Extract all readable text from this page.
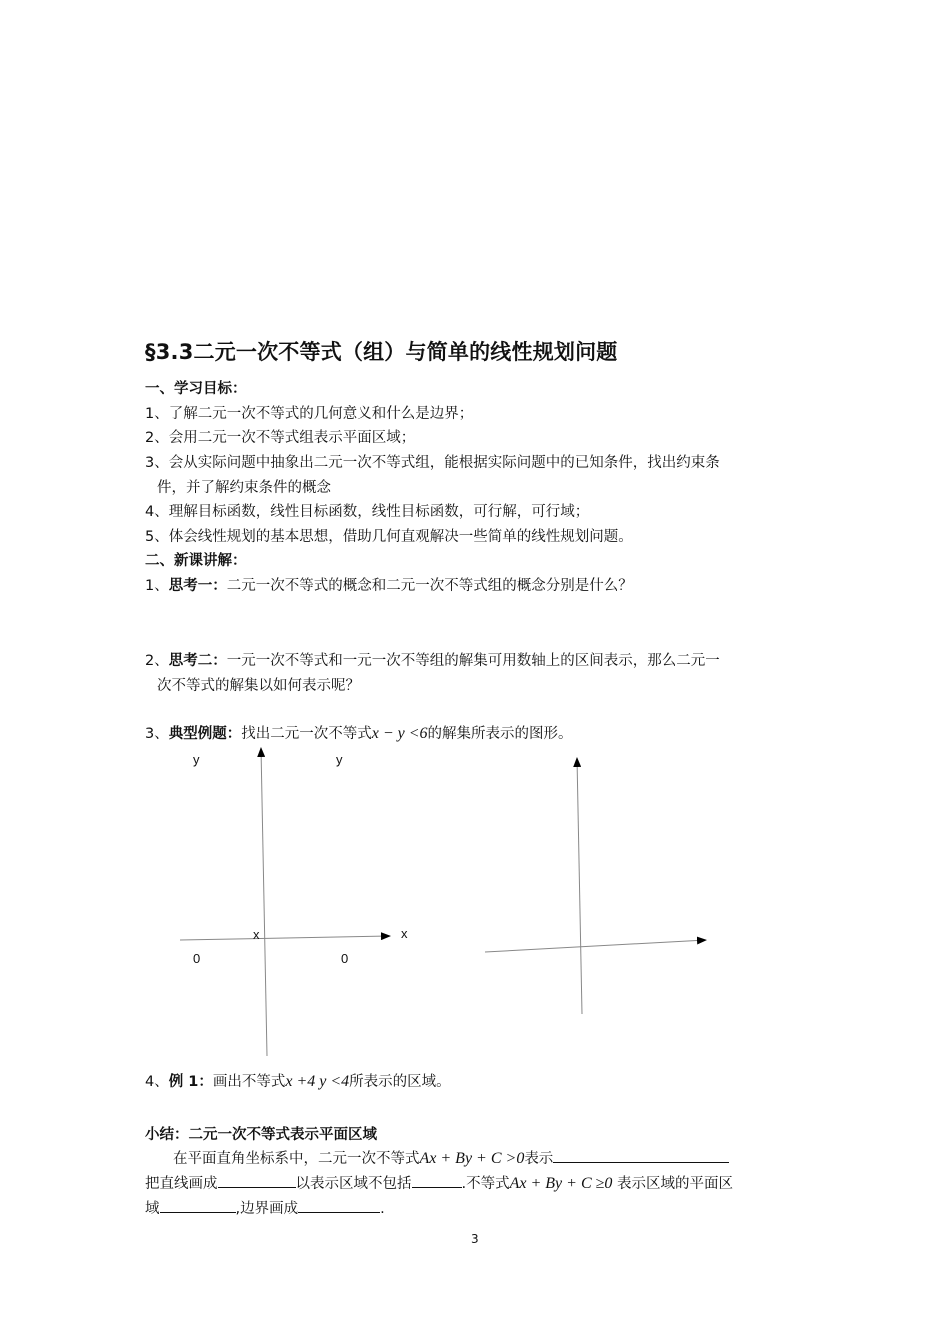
§3.3二元一次不等式（组）与简单的线性规划问题
一、学习目标：
1、了解二元一次不等式的几何意义和什么是边界；
2、会用二元一次不等式组表示平面区域；
3、会从实际问题中抽象出二元一次不等式组，能根据实际问题中的已知条件，找出约束条
件，并了解约束条件的概念
4、理解目标函数，线性目标函数，线性目标函数，可行解，可行域；
5、体会线性规划的基本思想，借助几何直观解决一些简单的线性规划问题。
二、新课讲解：
1、思考一：二元一次不等式的概念和二元一次不等式组的概念分别是什么？
2、思考二：一元一次不等式和一元一次不等组的解集可用数轴上的区间表示，那么二元一
次不等式的解集以如何表示呢？
3、典型例题：找出二元一次不等式x − y <6的解集所表示的图形。
y	y
x	x
0	0
4、例 1：画出不等式x +4 y <4所表示的区域。
小结：二元一次不等式表示平面区域
在平面直角坐标系中，二元一次不等式Ax + By + C >0表示
把直线画成	以表示区域不包括	.不等式Ax + By + C ≥0 表示区域的平面区
域	,边界画成	.
3
